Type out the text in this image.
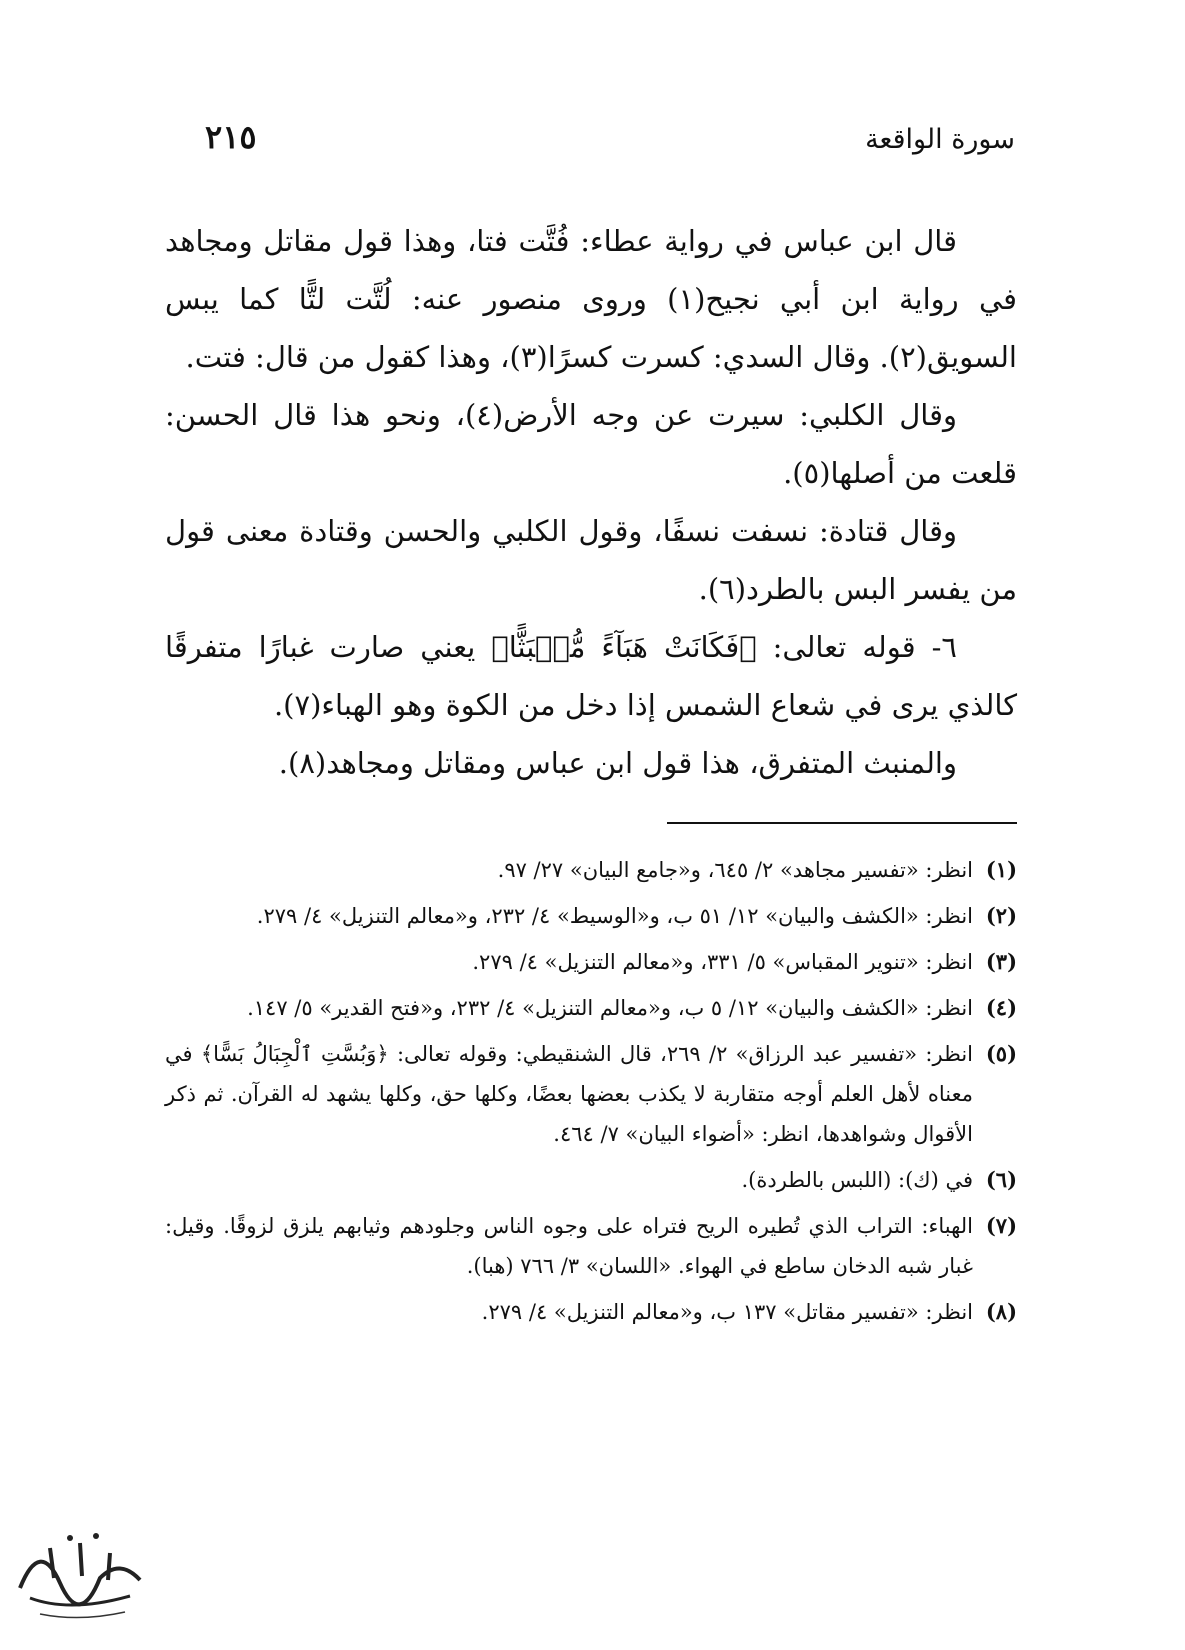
سورة الواقعة
٢١٥

قال ابن عباس في رواية عطاء: فُتَّت فتا، وهذا قول مقاتل ومجاهد في رواية ابن أبي نجيح(١) وروى منصور عنه: لُتَّت لتًّا كما يبس السويق(٢). وقال السدي: كسرت كسرًا(٣)، وهذا كقول من قال: فتت.

وقال الكلبي: سيرت عن وجه الأرض(٤)، ونحو هذا قال الحسن: قلعت من أصلها(٥).

وقال قتادة: نسفت نسفًا، وقول الكلبي والحسن وقتادة معنى قول من يفسر البس بالطرد(٦).

٦- قوله تعالى: ﴿فَكَانَتْ هَبَآءً مُّنۢبَثًّا﴾ يعني صارت غبارًا متفرقًا كالذي يرى في شعاع الشمس إذا دخل من الكوة وهو الهباء(٧).

والمنبث المتفرق، هذا قول ابن عباس ومقاتل ومجاهد(٨).

(١)
انظر: «تفسير مجاهد» ٢/ ٦٤٥، و«جامع البيان» ٢٧/ ٩٧.
(٢)
انظر: «الكشف والبيان» ١٢/ ٥١ ب، و«الوسيط» ٤/ ٢٣٢، و«معالم التنزيل» ٤/ ٢٧٩.
(٣)
انظر: «تنوير المقباس» ٥/ ٣٣١، و«معالم التنزيل» ٤/ ٢٧٩.
(٤)
انظر: «الكشف والبيان» ١٢/ ٥ ب، و«معالم التنزيل» ٤/ ٢٣٢، و«فتح القدير» ٥/ ١٤٧.
(٥)
انظر: «تفسير عبد الرزاق» ٢/ ٢٦٩، قال الشنقيطي: وقوله تعالى: ﴿وَبُسَّتِ ٱلْجِبَالُ بَسًّا﴾ في معناه لأهل العلم أوجه متقاربة لا يكذب بعضها بعضًا، وكلها حق، وكلها يشهد له القرآن. ثم ذكر الأقوال وشواهدها، انظر: «أضواء البيان» ٧/ ٤٦٤.
(٦)
في (ك): (اللبس بالطردة).
(٧)
الهباء: التراب الذي تُطيره الريح فتراه على وجوه الناس وجلودهم وثيابهم يلزق لزوقًا. وقيل: غبار شبه الدخان ساطع في الهواء. «اللسان» ٣/ ٧٦٦ (هبا).
(٨)
انظر: «تفسير مقاتل» ١٣٧ ب، و«معالم التنزيل» ٤/ ٢٧٩.
